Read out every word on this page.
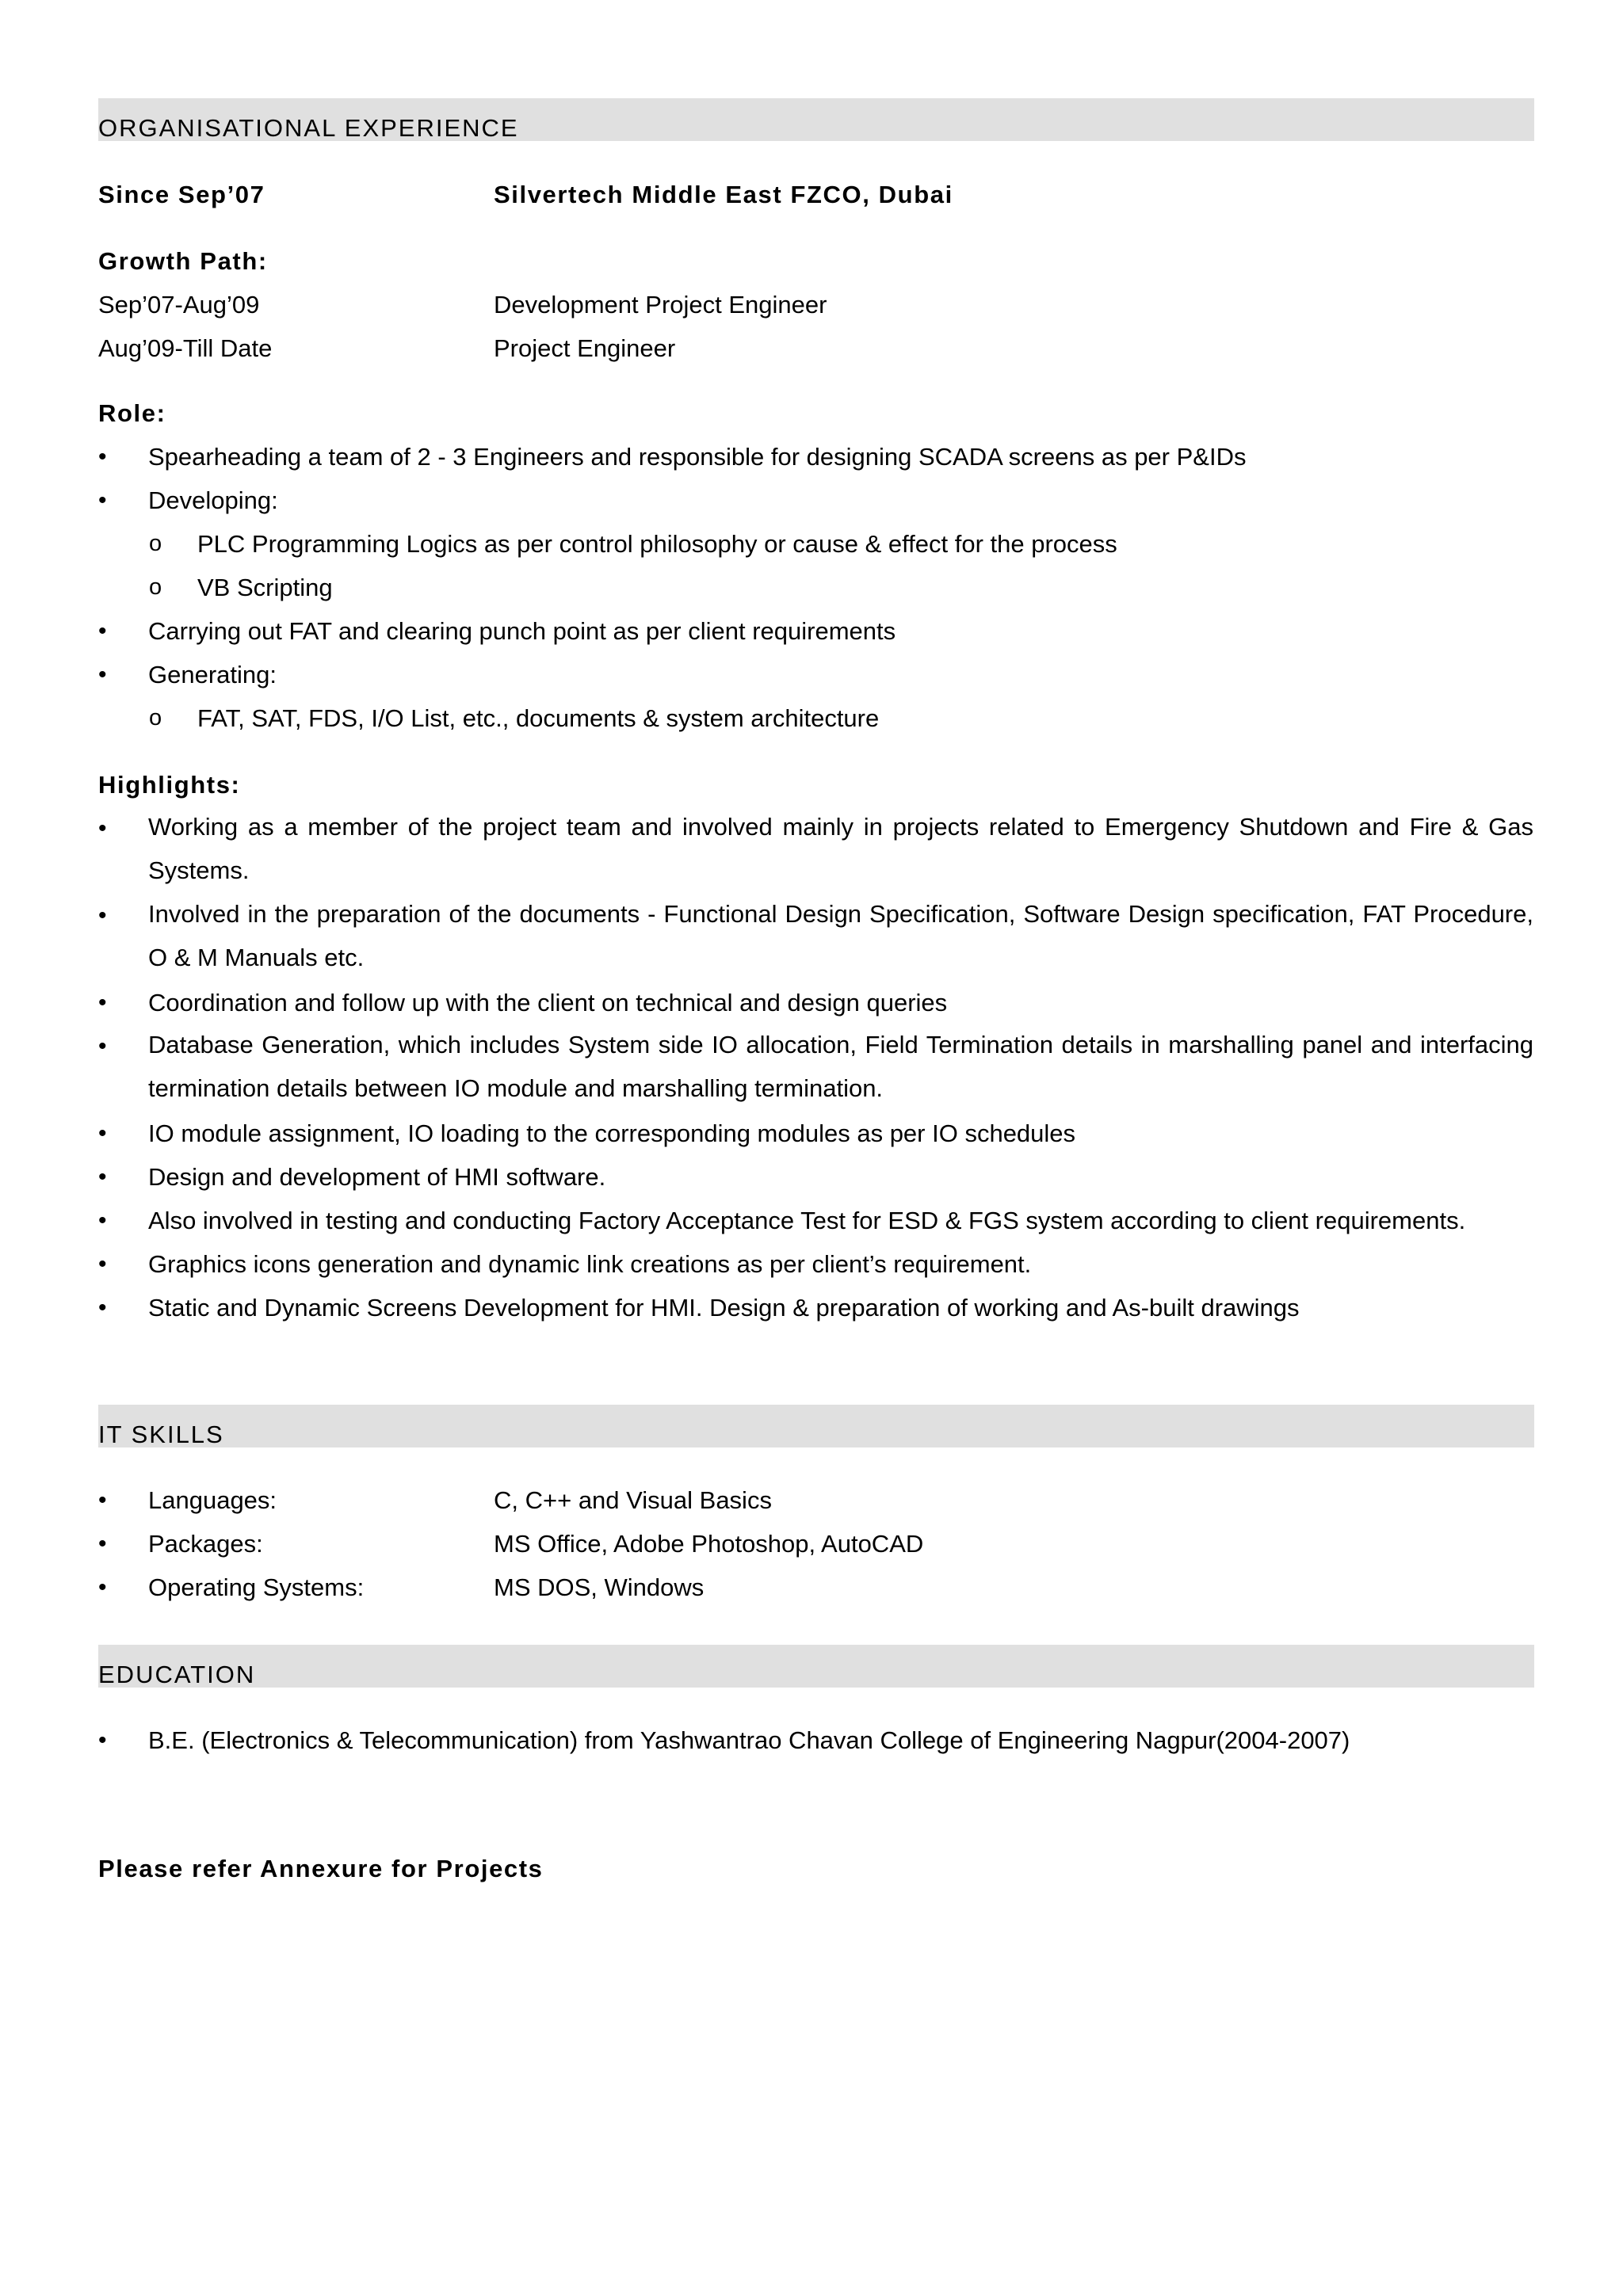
ORGANISATIONAL EXPERIENCE
Since Sep’07	Silvertech Middle East FZCO, Dubai
Growth Path:
Sep’07-Aug’09	Development Project Engineer
Aug’09-Till Date	Project Engineer
Role:
• Spearheading a team of 2 - 3 Engineers and responsible for designing SCADA screens as per P&IDs
• Developing:
o PLC Programming Logics as per control philosophy or cause & effect for the process
o VB Scripting
• Carrying out FAT and clearing punch point as per client requirements
• Generating:
o FAT, SAT, FDS, I/O List, etc., documents & system architecture
Highlights:
• Working as a member of the project team and involved mainly in projects related to Emergency Shutdown and Fire & Gas Systems.
• Involved in the preparation of the documents - Functional Design Specification, Software Design specification, FAT Procedure, O & M Manuals etc.
• Coordination and follow up with the client on technical and design queries
• Database Generation, which includes System side IO allocation, Field Termination details in marshalling panel and interfacing termination details between IO module and marshalling termination.
• IO module assignment, IO loading to the corresponding modules as per IO schedules
• Design and development of HMI software.
• Also involved in testing and conducting Factory Acceptance Test for ESD & FGS system according to client requirements.
• Graphics icons generation and dynamic link creations as per client’s requirement.
• Static and Dynamic Screens Development for HMI. Design & preparation of working and As-built drawings
IT SKILLS
• Languages:	C, C++ and Visual Basics
• Packages:	MS Office, Adobe Photoshop, AutoCAD
• Operating Systems:	MS DOS, Windows
EDUCATION
• B.E. (Electronics & Telecommunication) from Yashwantrao Chavan College of Engineering Nagpur(2004-2007)
Please refer Annexure for Projects
